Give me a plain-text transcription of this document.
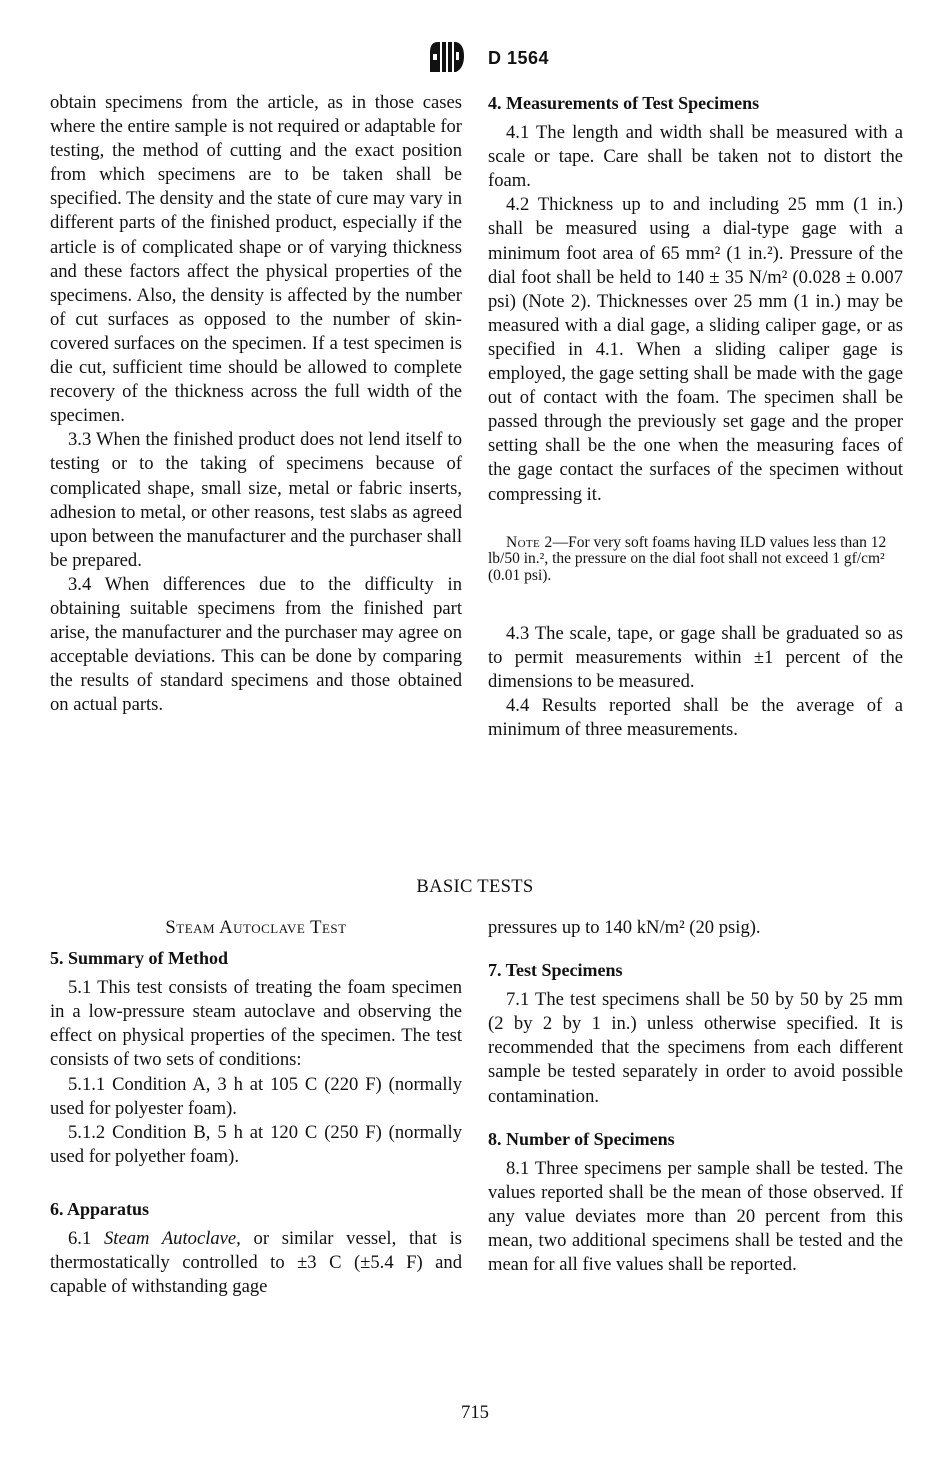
D 1564

obtain specimens from the article, as in those cases where the entire sample is not required or adaptable for testing, the method of cutting and the exact position from which specimens are to be taken shall be specified. The density and the state of cure may vary in different parts of the finished product, especially if the article is of complicated shape or of varying thickness and these factors affect the physical properties of the specimens. Also, the density is affected by the number of cut surfaces as opposed to the number of skin-covered surfaces on the specimen. If a test specimen is die cut, sufficient time should be allowed to complete recovery of the thickness across the full width of the specimen.

3.3 When the finished product does not lend itself to testing or to the taking of specimens because of complicated shape, small size, metal or fabric inserts, adhesion to metal, or other reasons, test slabs as agreed upon between the manufacturer and the purchaser shall be prepared.

3.4 When differences due to the difficulty in obtaining suitable specimens from the finished part arise, the manufacturer and the purchaser may agree on acceptable deviations. This can be done by comparing the results of standard specimens and those obtained on actual parts.

4. Measurements of Test Specimens

4.1 The length and width shall be measured with a scale or tape. Care shall be taken not to distort the foam.

4.2 Thickness up to and including 25 mm (1 in.) shall be measured using a dial-type gage with a minimum foot area of 65 mm² (1 in.²). Pressure of the dial foot shall be held to 140 ± 35 N/m² (0.028 ± 0.007 psi) (Note 2). Thicknesses over 25 mm (1 in.) may be measured with a dial gage, a sliding caliper gage, or as specified in 4.1. When a sliding caliper gage is employed, the gage setting shall be made with the gage out of contact with the foam. The specimen shall be passed through the previously set gage and the proper setting shall be the one when the measuring faces of the gage contact the surfaces of the specimen without compressing it.

Note 2—For very soft foams having ILD values less than 12 lb/50 in.², the pressure on the dial foot shall not exceed 1 gf/cm² (0.01 psi).

4.3 The scale, tape, or gage shall be graduated so as to permit measurements within ±1 percent of the dimensions to be measured.

4.4 Results reported shall be the average of a minimum of three measurements.

BASIC TESTS

Steam Autoclave Test

5. Summary of Method

5.1 This test consists of treating the foam specimen in a low-pressure steam autoclave and observing the effect on physical properties of the specimen. The test consists of two sets of conditions:

5.1.1 Condition A, 3 h at 105 C (220 F) (normally used for polyester foam).

5.1.2 Condition B, 5 h at 120 C (250 F) (normally used for polyether foam).

6. Apparatus

6.1 Steam Autoclave, or similar vessel, that is thermostatically controlled to ±3 C (±5.4 F) and capable of withstanding gage

pressures up to 140 kN/m² (20 psig).

7. Test Specimens

7.1 The test specimens shall be 50 by 50 by 25 mm (2 by 2 by 1 in.) unless otherwise specified. It is recommended that the specimens from each different sample be tested separately in order to avoid possible contamination.

8. Number of Specimens

8.1 Three specimens per sample shall be tested. The values reported shall be the mean of those observed. If any value deviates more than 20 percent from this mean, two additional specimens shall be tested and the mean for all five values shall be reported.

715
